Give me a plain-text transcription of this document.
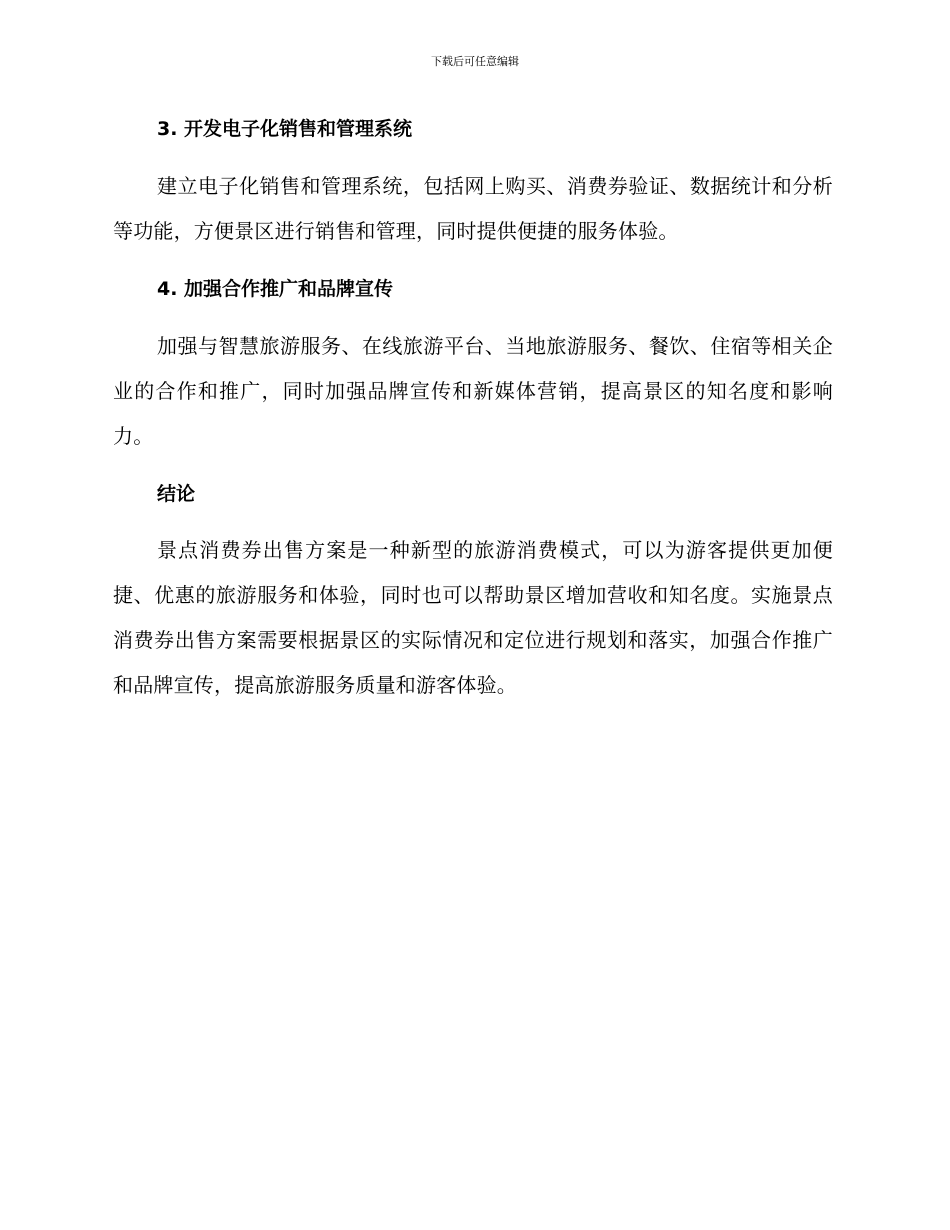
下载后可任意编辑
3. 开发电子化销售和管理系统
建立电子化销售和管理系统，包括网上购买、消费券验证、数据统计和分析等功能，方便景区进行销售和管理，同时提供便捷的服务体验。
4. 加强合作推广和品牌宣传
加强与智慧旅游服务、在线旅游平台、当地旅游服务、餐饮、住宿等相关企业的合作和推广，同时加强品牌宣传和新媒体营销，提高景区的知名度和影响力。
结论
景点消费券出售方案是一种新型的旅游消费模式，可以为游客提供更加便捷、优惠的旅游服务和体验，同时也可以帮助景区增加营收和知名度。实施景点消费券出售方案需要根据景区的实际情况和定位进行规划和落实，加强合作推广和品牌宣传，提高旅游服务质量和游客体验。
